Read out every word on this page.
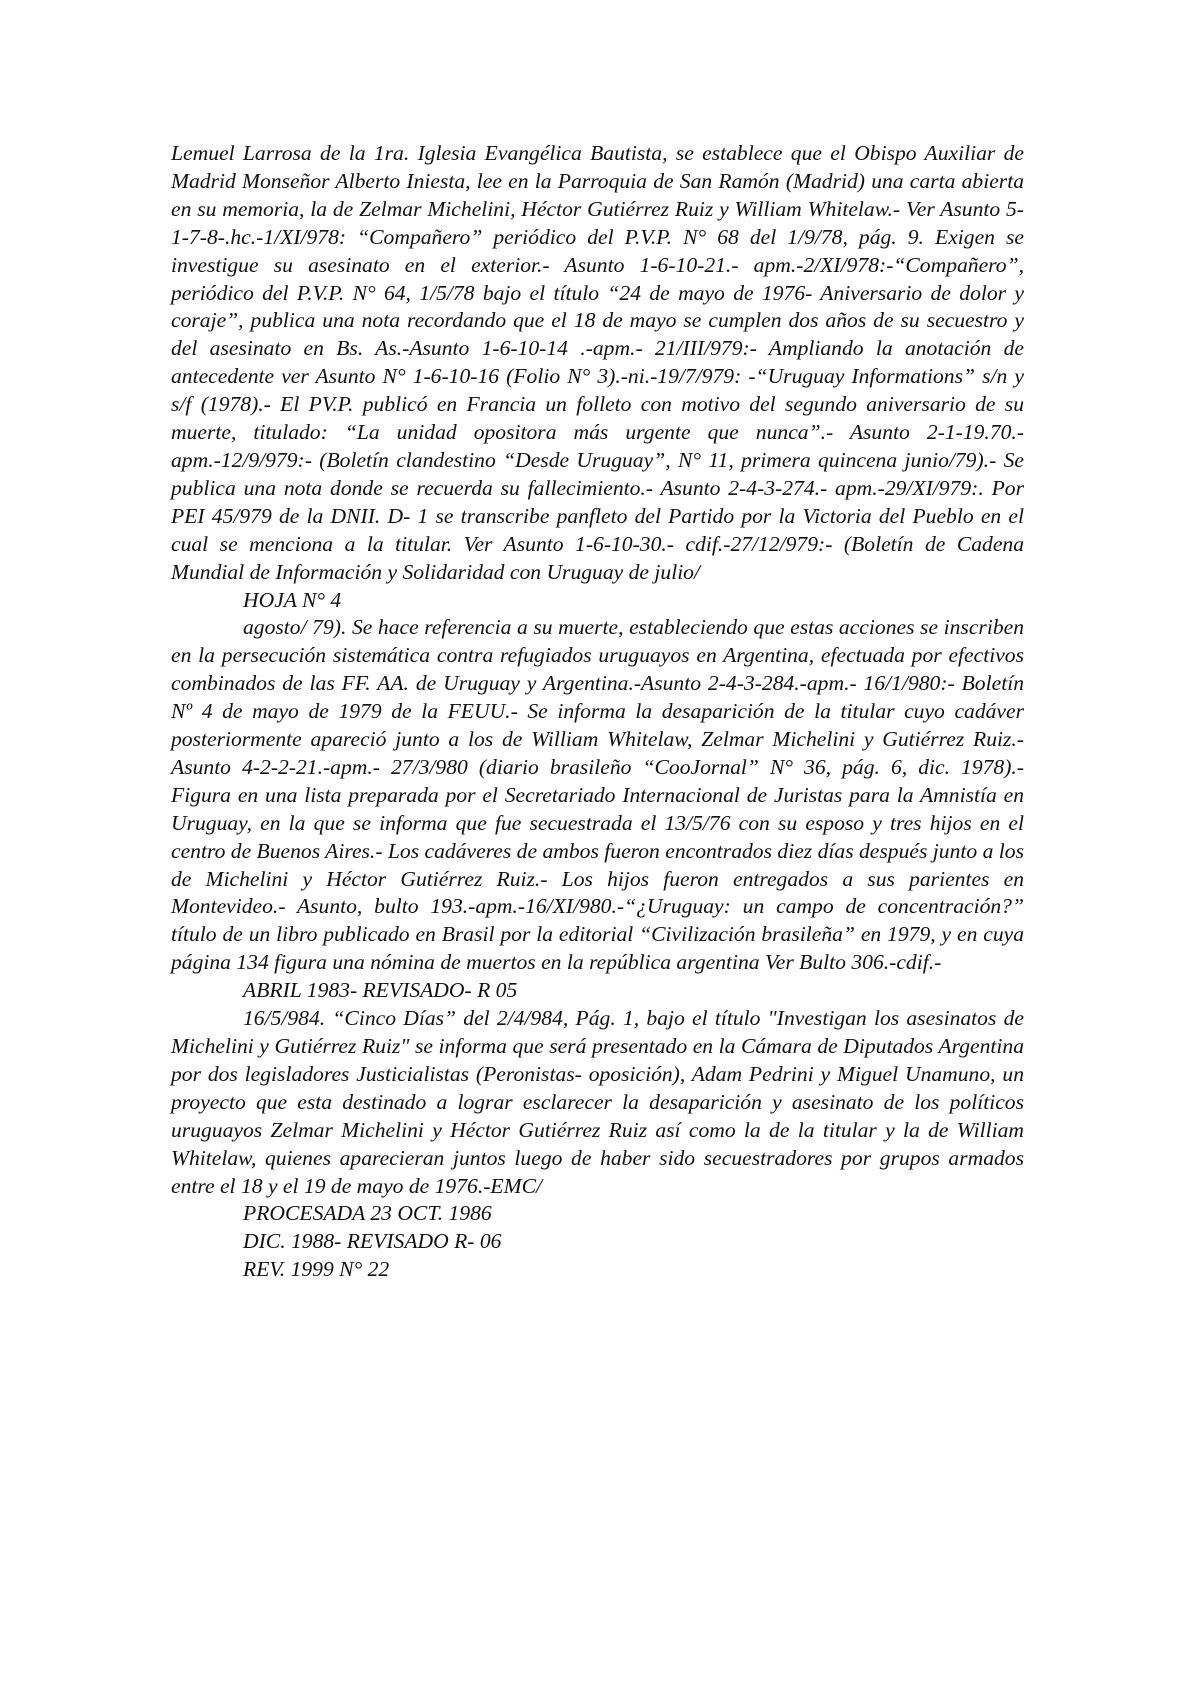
Lemuel Larrosa de la 1ra. Iglesia Evangélica Bautista, se establece que el Obispo Auxiliar de Madrid Monseñor Alberto Iniesta, lee en la Parroquia de San Ramón (Madrid) una carta abierta en su memoria, la de Zelmar Michelini, Héctor Gutiérrez Ruiz y William Whitelaw.- Ver Asunto 5-1-7-8-.hc.-1/XI/978: “Compañero” periódico del P.V.P. N° 68 del 1/9/78, pág. 9. Exigen se investigue su asesinato en el exterior.- Asunto 1-6-10-21.- apm.-2/XI/978:-“Compañero”, periódico del P.V.P. N° 64, 1/5/78 bajo el título “24 de mayo de 1976- Aniversario de dolor y coraje”, publica una nota recordando que el 18 de mayo se cumplen dos años de su secuestro y del asesinato en Bs. As.-Asunto 1-6-10-14 .-apm.- 21/III/979:- Ampliando la anotación de antecedente ver Asunto N° 1-6-10-16 (Folio N° 3).-ni.-19/7/979: -“Uruguay Informations” s/n y s/f (1978).- El PV.P. publicó en Francia un folleto con motivo del segundo aniversario de su muerte, titulado: “La unidad opositora más urgente que nunca”.- Asunto 2-1-19.70.- apm.-12/9/979:- (Boletín clandestino “Desde Uruguay”, N° 11, primera quincena junio/79).- Se publica una nota donde se recuerda su fallecimiento.- Asunto 2-4-3-274.- apm.-29/XI/979:. Por PEI 45/979 de la DNII. D- 1 se transcribe panfleto del Partido por la Victoria del Pueblo en el cual se menciona a la titular. Ver Asunto 1-6-10-30.- cdif.-27/12/979:- (Boletín de Cadena Mundial de Información y Solidaridad con Uruguay de julio/

HOJA N° 4

agosto/ 79). Se hace referencia a su muerte, estableciendo que estas acciones se inscriben en la persecución sistemática contra refugiados uruguayos en Argentina, efectuada por efectivos combinados de las FF. AA. de Uruguay y Argentina.-Asunto 2-4-3-284.-apm.- 16/1/980:- Boletín Nº 4 de mayo de 1979 de la FEUU.- Se informa la desaparición de la titular cuyo cadáver posteriormente apareció junto a los de William Whitelaw, Zelmar Michelini y Gutiérrez Ruiz.- Asunto 4-2-2-21.-apm.- 27/3/980 (diario brasileño “CooJornal” N° 36, pág. 6, dic. 1978).- Figura en una lista preparada por el Secretariado Internacional de Juristas para la Amnistía en Uruguay, en la que se informa que fue secuestrada el 13/5/76 con su esposo y tres hijos en el centro de Buenos Aires.- Los cadáveres de ambos fueron encontrados diez días después junto a los de Michelini y Héctor Gutiérrez Ruiz.- Los hijos fueron entregados a sus parientes en Montevideo.- Asunto, bulto 193.-apm.-16/XI/980.-“¿Uruguay: un campo de concentración?” título de un libro publicado en Brasil por la editorial “Civilización brasileña” en 1979, y en cuya página 134 figura una nómina de muertos en la república argentina Ver Bulto 306.-cdif.-

ABRIL 1983- REVISADO- R 05

16/5/984. “Cinco Días” del 2/4/984, Pág. 1, bajo el título "Investigan los asesinatos de Michelini y Gutiérrez Ruiz" se informa que será presentado en la Cámara de Diputados Argentina por dos legisladores Justicialistas (Peronistas- oposición), Adam Pedrini y Miguel Unamuno, un proyecto que esta destinado a lograr esclarecer la desaparición y asesinato de los políticos uruguayos Zelmar Michelini y Héctor Gutiérrez Ruiz así como la de la titular y la de William Whitelaw, quienes aparecieran juntos luego de haber sido secuestradores por grupos armados entre el 18 y el 19 de mayo de 1976.-EMC/

PROCESADA 23 OCT. 1986

DIC. 1988- REVISADO R- 06

REV. 1999 N° 22
